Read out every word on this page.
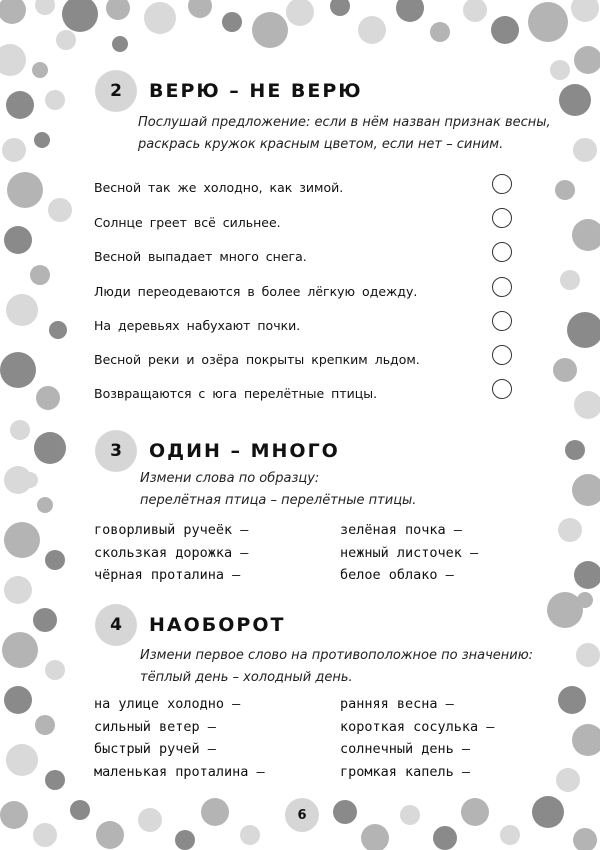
2	ВЕРЮ – НЕ ВЕРЮ
Послушай предложение: если в нём назван признак весны,
раскрась кружок красным цветом, если нет – синим.
Весной так же холодно, как зимой.
Солнце греет всё сильнее.
Весной выпадает много снега.
Люди переодеваются в более лёгкую одежду.
На деревьях набухают почки.
Весной реки и озёра покрыты крепким льдом.
Возвращаются с юга перелётные птицы.
3	ОДИН – МНОГО
Измени слова по образцу:
перелётная птица – перелётные птицы.
говорливый ручеёк –
скользкая дорожка –
чёрная проталина –
зелёная почка –
нежный листочек –
белое облако –
4	НАОБОРОТ
Измени первое слово на противоположное по значению:
тёплый день – холодный день.
на улице холодно –
сильный ветер –
быстрый ручей –
маленькая проталина –
ранняя весна –
короткая сосулька –
солнечный день –
громкая капель –
6
